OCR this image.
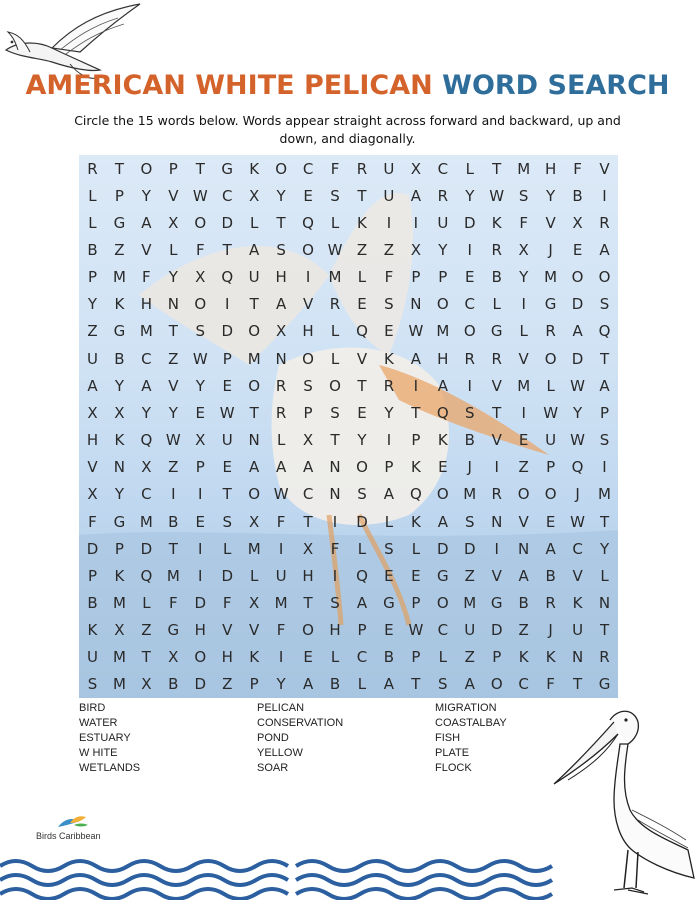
AMERICAN WHITE PELICAN WORD SEARCH
Circle the 15 words below. Words appear straight across forward and backward, up and down, and diagonally.
R	T	O	P	T	G	K	O	C	F	R	U	X	C	L	T	M H	F	V
L	P	Y	V W C	X	Y	E	S	T	U	A	R	Y W S	Y	B	I
L	G	A	X	O	D	L	T	Q	L	K	I	I	U	D	K	F	V	X	R
B	Z	V	L	F	T	A	S	O W Z	Z	X	Y	I	R	X	J	E	A
P	M	F	Y	X	Q	U	H	I	M	L	F	P	P	E	B	Y	M O	O
Y	K	H	N	O	I	T	A	V	R	E	S	N	O	C	L	I	G	D	S
Z	G M	T	S	D	O	X	H	L	Q	E W M O	G	L	R	A	Q
U	B	C	Z W	P	M N	O	L	V	K	A	H	R	R	V	O	D	T
A	Y	A	V	Y	E	O	R	S	O	T	R	I	A	I	V	M	L	W A
X	X	Y	Y	E W T	R	P	S	E	Y	T	Q	S	T	I	W Y	P
H	K	Q W X	U	N	L	X	T	Y	I	P	K	B	V	E	U W S
V	N	X	Z	P	E	A	A	A	N	O	P	K	E	J	I	Z	P	Q	I
X	Y	C	I	I	T	O W C	N	S	A	Q	O M	R	O	O	J	M
F	G M	B	E	S	X	F	T	I	D	L	K	A	S	N	V	E W T
D	P	D	T	I	L	M	I	X	F	L	S	L	D	D	I	N	A	C	Y
P	K	Q M	I	D	L	U	H	I	Q	E	E	G	Z	V	A	B	V	L
B	M	L	F	D	F	X	M	T	S	A	G	P	O M G	B	R	K	N
K	X	Z	G	H	V	V	F	O	H	P	E W C	U	D	Z	J	U	T
U M	T	X	O	H	K	I	E	L	C	B	P	L	Z	P	K	K	N	R
S	M	X	B	D	Z	P	Y	A	B	L	A	T	S	A	O	C	F	T	G
BIRD
WATER
ESTUARY
W HITE
WETLANDS
PELICAN
CONSERVATION
POND
YELLOW
SOAR
MIGRATION
COASTALBAY
FISH
PLATE
FLOCK
Birds Caribbean
